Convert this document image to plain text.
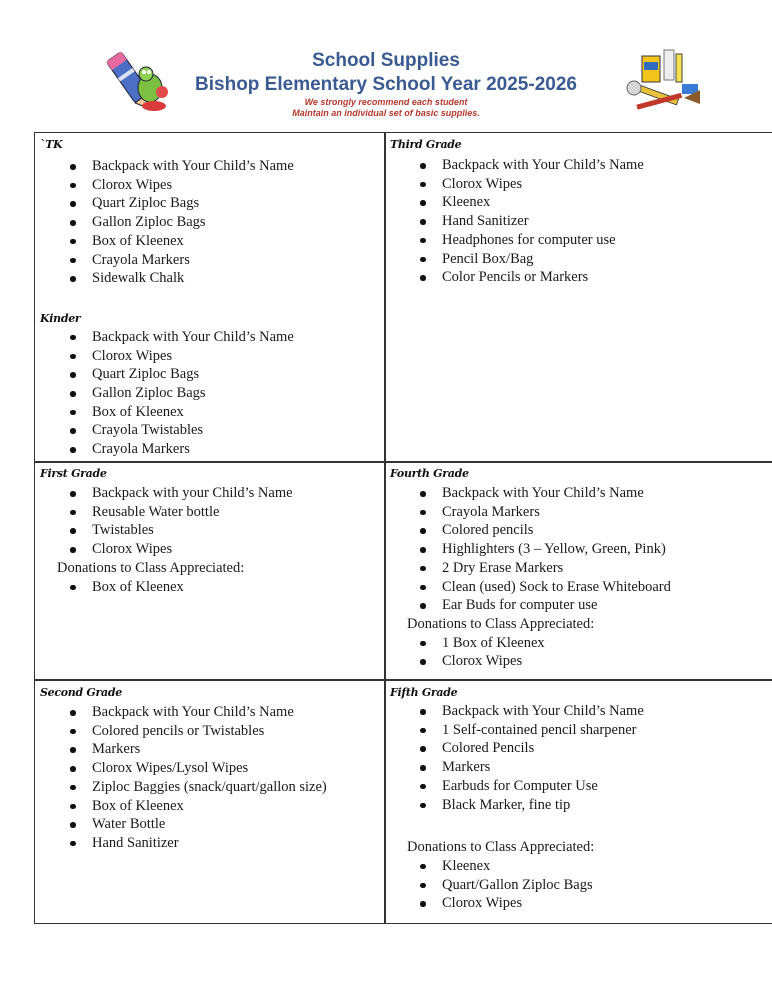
School Supplies
Bishop Elementary School Year 2025-2026
We strongly recommend each student
Maintain an individual set of basic supplies.
`TK
Backpack with Your Child’s Name
Clorox Wipes
Quart Ziploc Bags
Gallon Ziploc Bags
Box of Kleenex
Crayola Markers
Sidewalk Chalk
Kinder
Backpack with Your Child’s Name
Clorox Wipes
Quart Ziploc Bags
Gallon Ziploc Bags
Box of Kleenex
Crayola Twistables
Crayola Markers
Third Grade
Backpack with Your Child’s Name
Clorox Wipes
Kleenex
Hand Sanitizer
Headphones for computer use
Pencil Box/Bag
Color Pencils or Markers
First Grade
Backpack with your Child’s Name
Reusable Water bottle
Twistables
Clorox Wipes
Donations to Class Appreciated:
Box of Kleenex
Fourth Grade
Backpack with Your Child’s Name
Crayola Markers
Colored pencils
Highlighters (3 – Yellow, Green, Pink)
2 Dry Erase Markers
Clean (used) Sock to Erase Whiteboard
Ear Buds for computer use
Donations to Class Appreciated:
1 Box of Kleenex
Clorox Wipes
Second Grade
Backpack with Your Child’s Name
Colored pencils or Twistables
Markers
Clorox Wipes/Lysol Wipes
Ziploc Baggies (snack/quart/gallon size)
Box of Kleenex
Water Bottle
Hand Sanitizer
Fifth Grade
Backpack with Your Child’s Name
1 Self-contained pencil sharpener
Colored Pencils
Markers
Earbuds for Computer Use
Black Marker, fine tip
Donations to Class Appreciated:
Kleenex
Quart/Gallon Ziploc Bags
Clorox Wipes
